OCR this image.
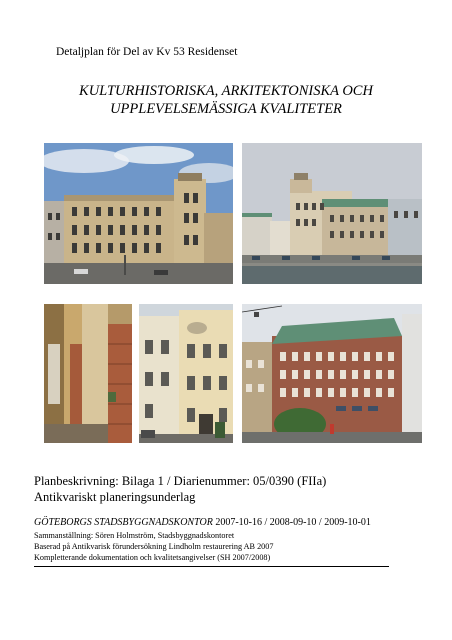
Detaljplan för Del av Kv 53 Residenset
KULTURHISTORISKA, ARKITEKTONISKA OCH
UPPLEVELSEMÄSSIGA KVALITETER
Planbeskrivning: Bilaga 1 / Diarienummer: 05/0390 (FIIa)
Antikvariskt planeringsunderlag
GÖTEBORGS STADSBYGGNADSKONTOR 2007-10-16 / 2008-09-10 / 2009-10-01
Sammanställning: Sören Holmström, Stadsbyggnadskontoret
Baserad på Antikvarisk förundersökning Lindholm restaurering AB 2007
Kompletterande dokumentation och kvalitetsangivelser (SH 2007/2008)
